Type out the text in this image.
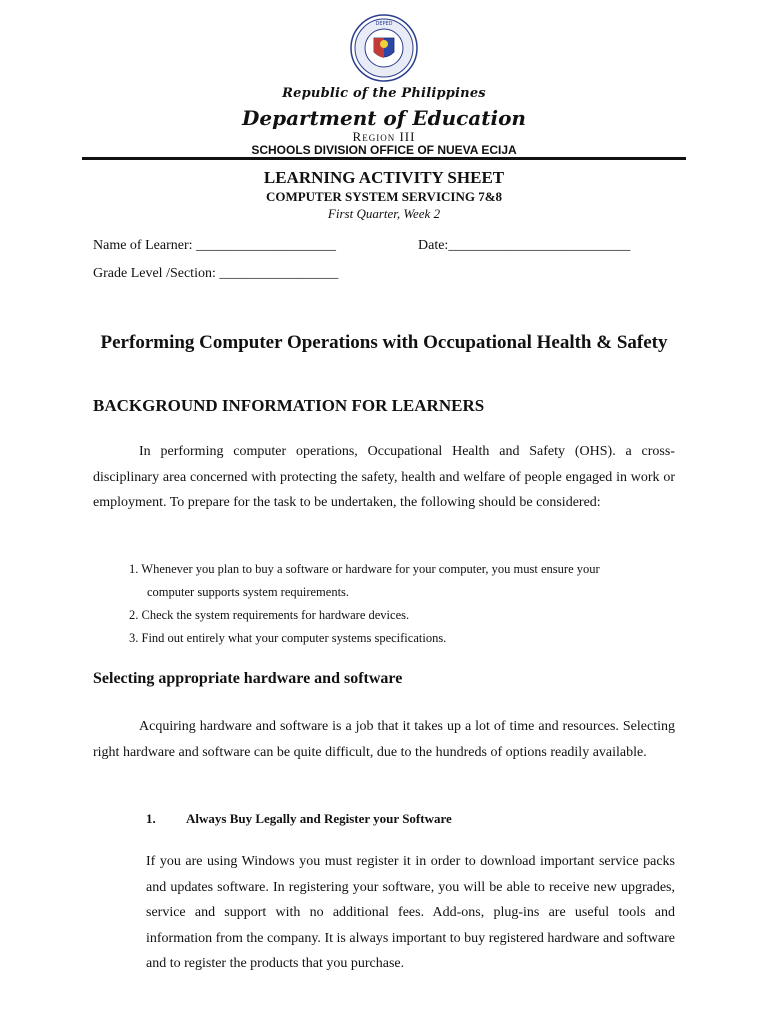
DEPED
Republic of the Philippines
Department of Education
Region III
SCHOOLS DIVISION OFFICE OF NUEVA ECIJA
LEARNING ACTIVITY SHEET
COMPUTER SYSTEM SERVICING 7&8
First Quarter, Week 2
Name of Learner: ____________________	Date:__________________________
Grade Level /Section: _________________
Performing Computer Operations with Occupational Health & Safety
BACKGROUND INFORMATION FOR LEARNERS
In performing computer operations, Occupational Health and Safety (OHS). a cross-disciplinary area concerned with protecting the safety, health and welfare of people engaged in work or employment. To prepare for the task to be undertaken, the following should be considered:
1. Whenever you plan to buy a software or hardware for your computer, you must ensure your
computer supports system requirements.
2. Check the system requirements for hardware devices.
3. Find out entirely what your computer systems specifications.
Selecting appropriate hardware and software
Acquiring hardware and software is a job that it takes up a lot of time and resources. Selecting right hardware and software can be quite difficult, due to the hundreds of options readily available.
1. Always Buy Legally and Register your Software
If you are using Windows you must register it in order to download important service packs and updates software. In registering your software, you will be able to receive new upgrades, service and support with no additional fees. Add-ons, plug-ins are useful tools and information from the company. It is always important to buy registered hardware and software and to register the products that you purchase.
